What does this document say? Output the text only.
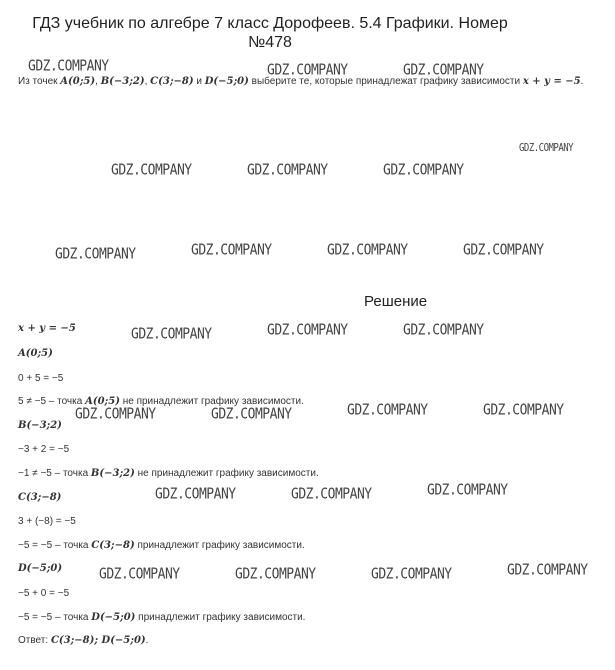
ГДЗ учебник по алгебре 7 класс Дорофеев. 5.4 Графики. Номер
№478
Из точек A(0;5), B(−3;2), C(3;−8) и D(−5;0) выберите те, которые принадлежат графику зависимости x + y = −5.
Решение
x + y = −5
A(0;5)
0 + 5 = −5
5 ≠ −5 – точка A(0;5) не принадлежит графику зависимости.
B(−3;2)
−3 + 2 = −5
−1 ≠ −5 – точка B(−3;2) не принадлежит графику зависимости.
C(3;−8)
3 + (−8) = −5
−5 = −5 – точка C(3;−8) принадлежит графику зависимости.
D(−5;0)
−5 + 0 = −5
−5 = −5 – точка D(−5;0) принадлежит графику зависимости.
Ответ: C(3;−8); D(−5;0).
GDZ.COMPANY	GDZ.COMPANY	GDZ.COMPANY
GDZ.COMPANY
GDZ.COMPANY	GDZ.COMPANY	GDZ.COMPANY
GDZ.COMPANY	GDZ.COMPANY	GDZ.COMPANY	GDZ.COMPANY
GDZ.COMPANY	GDZ.COMPANY	GDZ.COMPANY
GDZ.COMPANY	GDZ.COMPANY	GDZ.COMPANY	GDZ.COMPANY
GDZ.COMPANY	GDZ.COMPANY	GDZ.COMPANY
GDZ.COMPANY	GDZ.COMPANY	GDZ.COMPANY	GDZ.COMPANY
